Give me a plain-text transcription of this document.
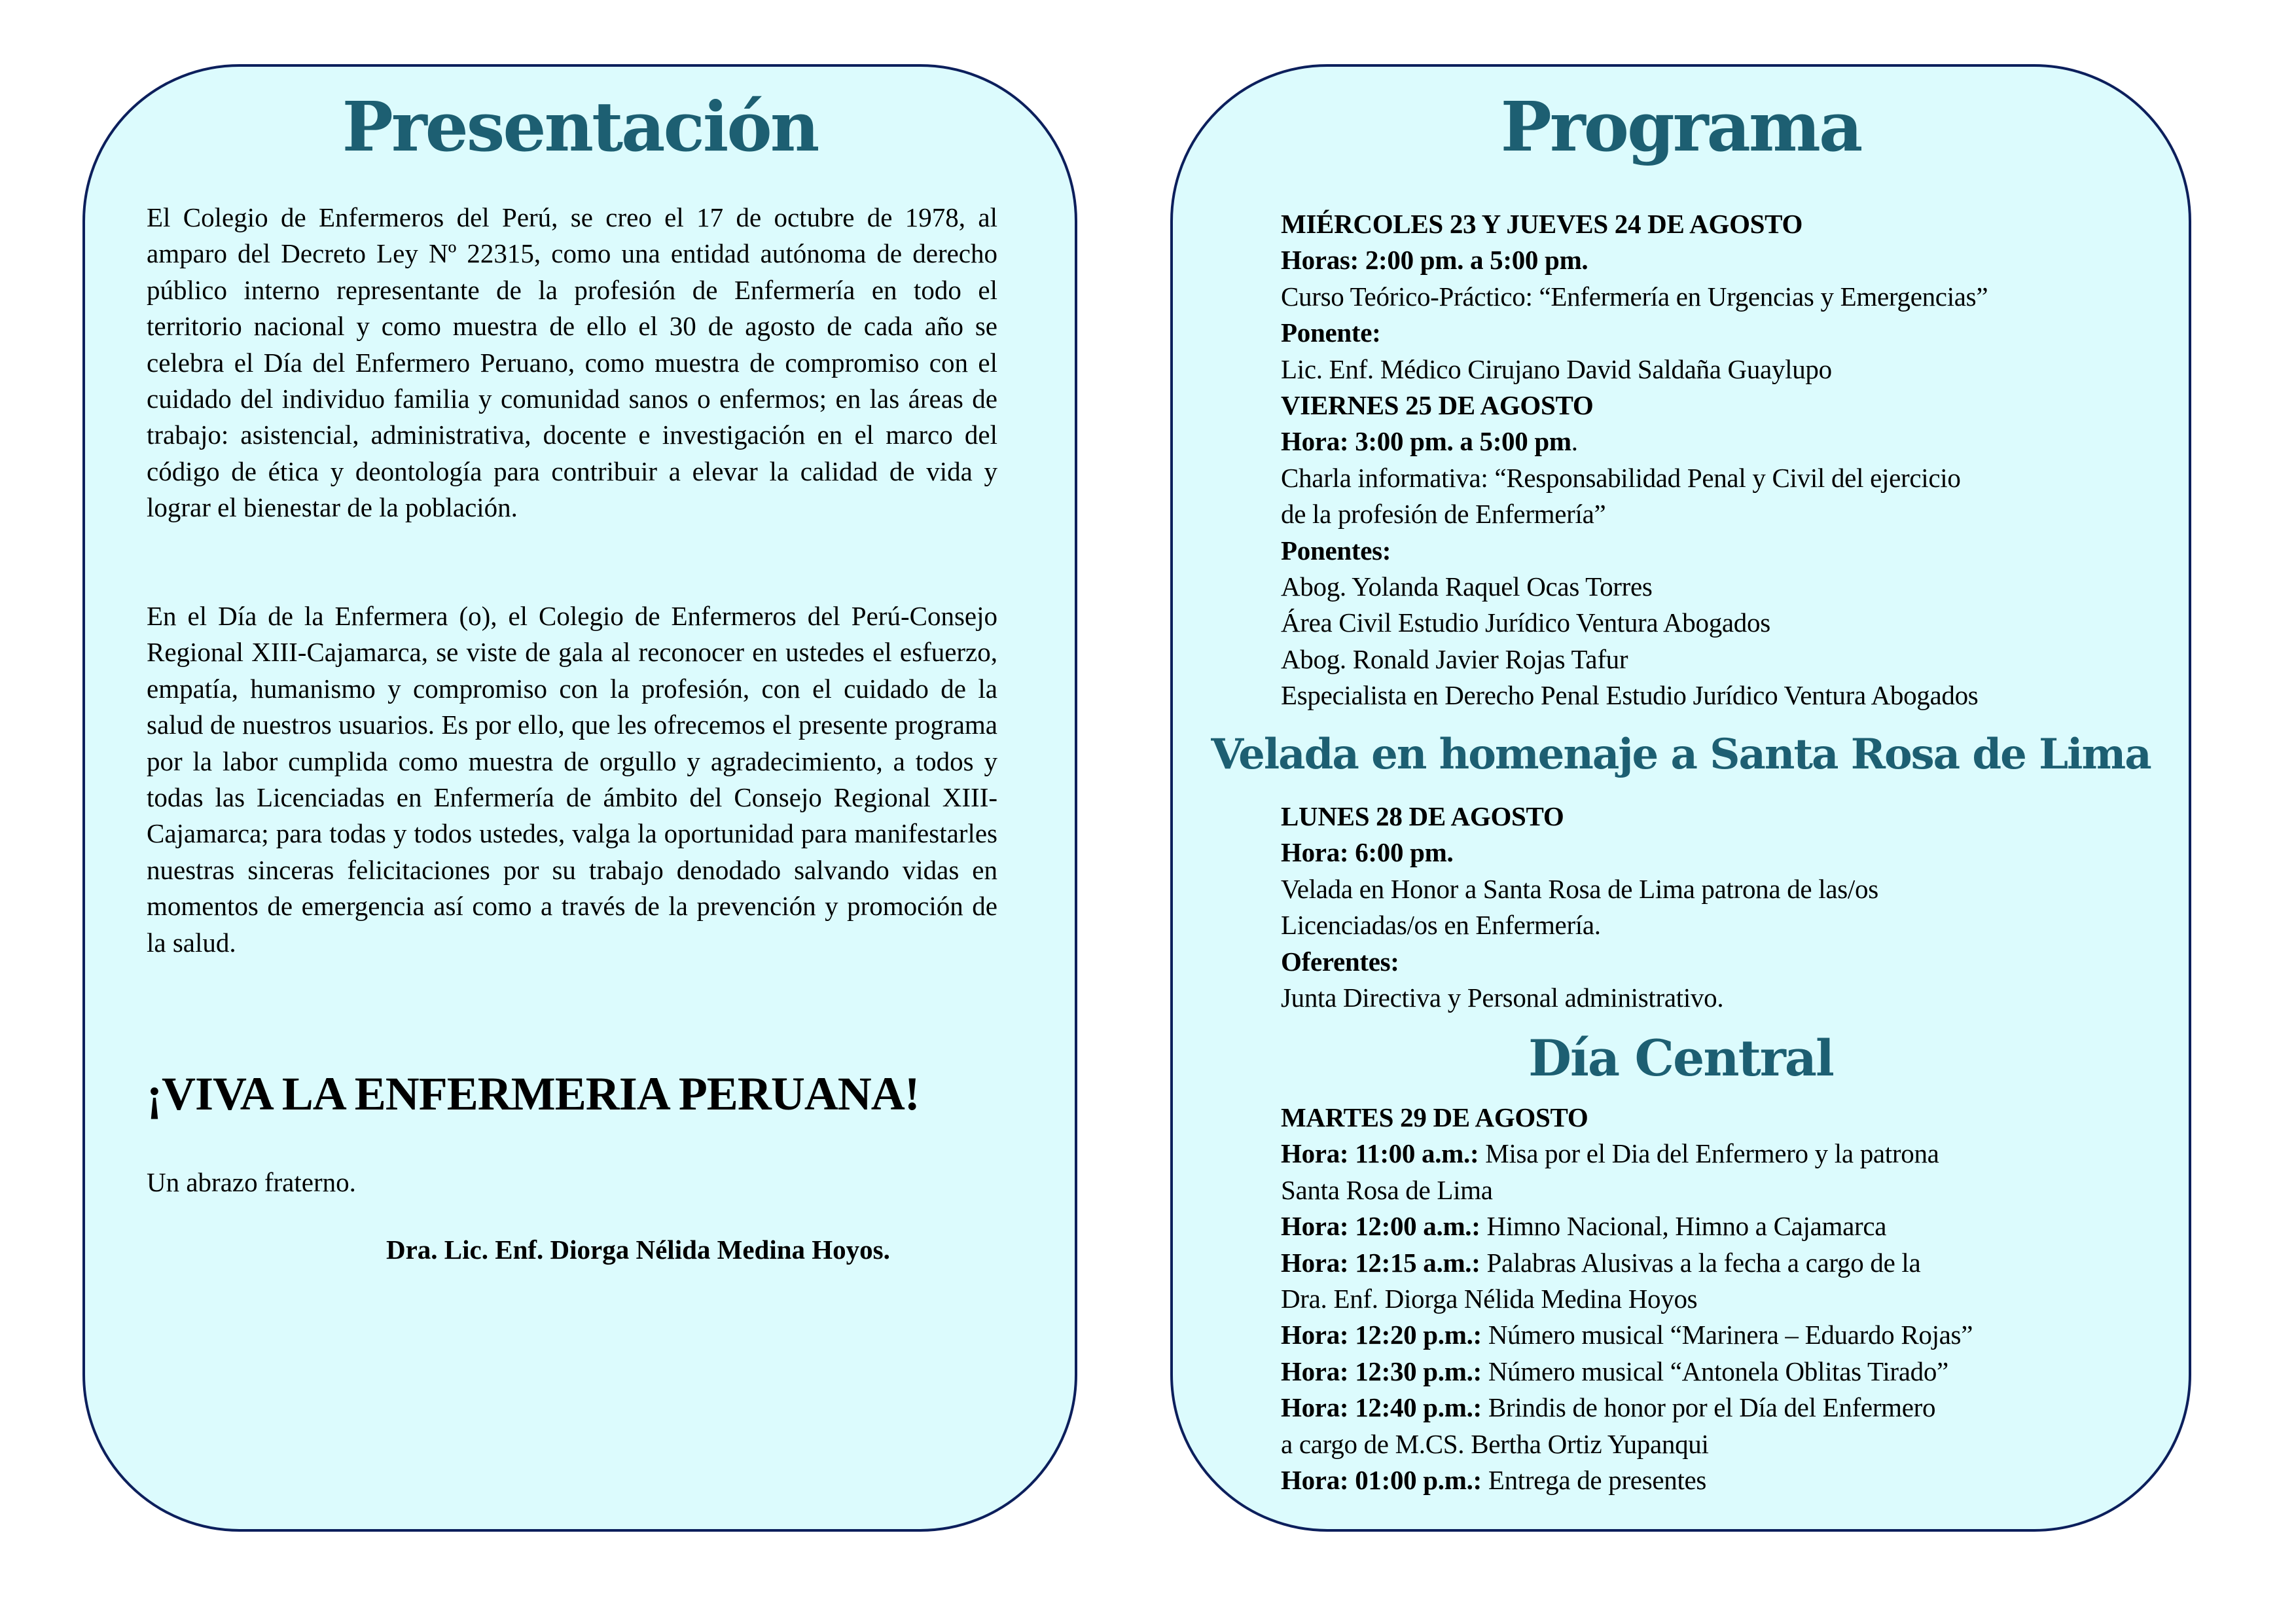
Presentación

El Colegio de Enfermeros del Perú, se creo el 17 de octubre de 1978, al amparo del Decreto Ley Nº 22315, como una entidad autónoma de derecho público interno representante de la profesión de Enfermería en todo el territorio nacional y como muestra de ello el 30 de agosto de cada año se celebra el Día del Enfermero Peruano, como muestra de compromiso con el cuidado del individuo familia y comunidad sanos o enfermos; en las áreas de trabajo: asistencial, administrativa, docente e investigación en el marco del código de ética y deontología para contribuir a elevar la calidad de vida y lograr el bienestar de la población.

En el Día de la Enfermera (o), el Colegio de Enfermeros del Perú-Consejo Regional XIII-Cajamarca, se viste de gala al reconocer en ustedes el esfuerzo, empatía, humanismo y compromiso con la profesión, con el cuidado de la salud de nuestros usuarios. Es por ello, que les ofrecemos el presente programa por la labor cumplida como muestra de orgullo y agradecimiento, a todos y todas las Licenciadas en Enfermería de ámbito del Consejo Regional XIII-Cajamarca; para todas y todos ustedes, valga la oportunidad para manifestarles nuestras sinceras felicitaciones por su trabajo denodado salvando vidas en momentos de emergencia así como a través de la prevención y promoción de la salud.

¡VIVA LA ENFERMERIA PERUANA!

Un abrazo fraterno.

Dra. Lic. Enf. Diorga Nélida Medina Hoyos.

Programa
MIÉRCOLES 23 Y JUEVES 24 DE AGOSTO
Horas: 2:00 pm. a 5:00 pm.
Curso Teórico-Práctico: “Enfermería en Urgencias y Emergencias”
Ponente:
Lic. Enf. Médico Cirujano David Saldaña Guaylupo
VIERNES 25 DE AGOSTO
Hora: 3:00 pm. a 5:00 pm.
Charla informativa: “Responsabilidad Penal y Civil del ejercicio
de la profesión de Enfermería”
Ponentes:
Abog. Yolanda Raquel Ocas Torres
Área Civil Estudio Jurídico Ventura Abogados
Abog. Ronald Javier Rojas Tafur
Especialista en Derecho Penal Estudio Jurídico Ventura Abogados
Velada en homenaje a Santa Rosa de Lima
LUNES 28 DE AGOSTO
Hora: 6:00 pm.
Velada en Honor a Santa Rosa de Lima patrona de las/os
Licenciadas/os en Enfermería.
Oferentes:
Junta Directiva y Personal administrativo.
Día Central
MARTES 29 DE AGOSTO
Hora: 11:00 a.m.: Misa por el Dia del Enfermero y la patrona
Santa Rosa de Lima
Hora: 12:00 a.m.: Himno Nacional, Himno a Cajamarca
Hora: 12:15 a.m.: Palabras Alusivas a la fecha a cargo de la
Dra. Enf. Diorga Nélida Medina Hoyos
Hora: 12:20 p.m.: Número musical “Marinera – Eduardo Rojas”
Hora: 12:30 p.m.: Número musical “Antonela Oblitas Tirado”
Hora: 12:40 p.m.: Brindis de honor por el Día del Enfermero
a cargo de M.CS. Bertha Ortiz Yupanqui
Hora: 01:00 p.m.: Entrega de presentes
